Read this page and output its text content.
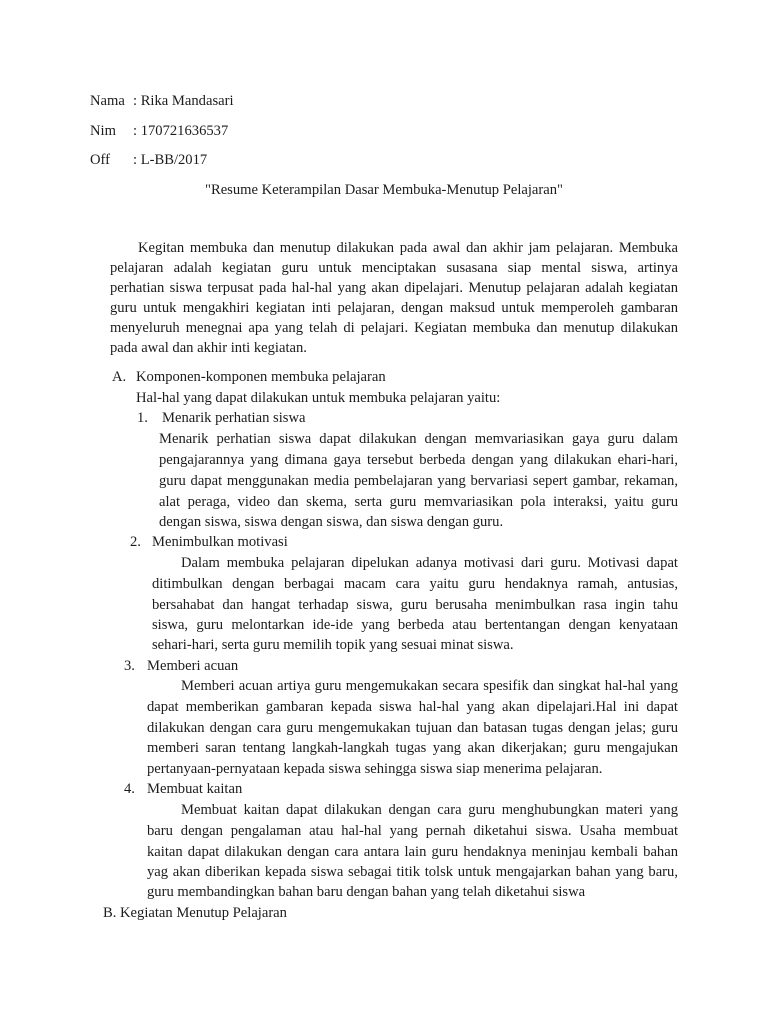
Nama : Rika Mandasari
Nim : 170721636537
Off : L-BB/2017
"Resume Keterampilan Dasar Membuka-Menutup Pelajaran"
Kegitan membuka dan menutup dilakukan pada awal dan akhir jam pelajaran. Membuka
pelajaran adalah kegiatan guru untuk menciptakan susasana siap mental siswa, artinya
perhatian siswa terpusat pada hal-hal yang akan dipelajari. Menutup pelajaran adalah kegiatan
guru untuk mengakhiri kegiatan inti pelajaran, dengan maksud untuk memperoleh gambaran
menyeluruh menegnai apa yang telah di pelajari. Kegiatan membuka dan menutup dilakukan
pada awal dan akhir inti kegiatan.
A. Komponen-komponen membuka pelajaran
Hal-hal yang dapat dilakukan untuk membuka pelajaran yaitu:
1. Menarik perhatian siswa
Menarik perhatian siswa dapat dilakukan dengan memvariasikan gaya guru dalam
pengajarannya yang dimana gaya tersebut berbeda dengan yang dilakukan ehari-hari,
guru dapat menggunakan media pembelajaran yang bervariasi sepert gambar, rekaman,
alat peraga, video dan skema, serta guru memvariasikan pola interaksi, yaitu guru
dengan siswa, siswa dengan siswa, dan siswa dengan guru.
2. Menimbulkan motivasi
Dalam membuka pelajaran dipelukan adanya motivasi dari guru. Motivasi dapat
ditimbulkan dengan berbagai macam cara yaitu guru hendaknya ramah, antusias,
bersahabat dan hangat terhadap siswa, guru berusaha menimbulkan rasa ingin tahu
siswa, guru melontarkan ide-ide yang berbeda atau bertentangan dengan kenyataan
sehari-hari, serta guru memilih topik yang sesuai minat siswa.
3. Memberi acuan
Memberi acuan artiya guru mengemukakan secara spesifik dan singkat hal-hal yang
dapat memberikan gambaran kepada siswa hal-hal yang akan dipelajari.Hal ini dapat
dilakukan dengan cara guru mengemukakan tujuan dan batasan tugas dengan jelas; guru
memberi saran tentang langkah-langkah tugas yang akan dikerjakan; guru mengajukan
pertanyaan-pernyataan kepada siswa sehingga siswa siap menerima pelajaran.
4. Membuat kaitan
Membuat kaitan dapat dilakukan dengan cara guru menghubungkan materi yang
baru dengan pengalaman atau hal-hal yang pernah diketahui siswa. Usaha membuat
kaitan dapat dilakukan dengan cara antara lain guru hendaknya meninjau kembali bahan
yag akan diberikan kepada siswa sebagai titik tolsk untuk mengajarkan bahan yang baru,
guru membandingkan bahan baru dengan bahan yang telah diketahui siswa
B. Kegiatan Menutup Pelajaran
